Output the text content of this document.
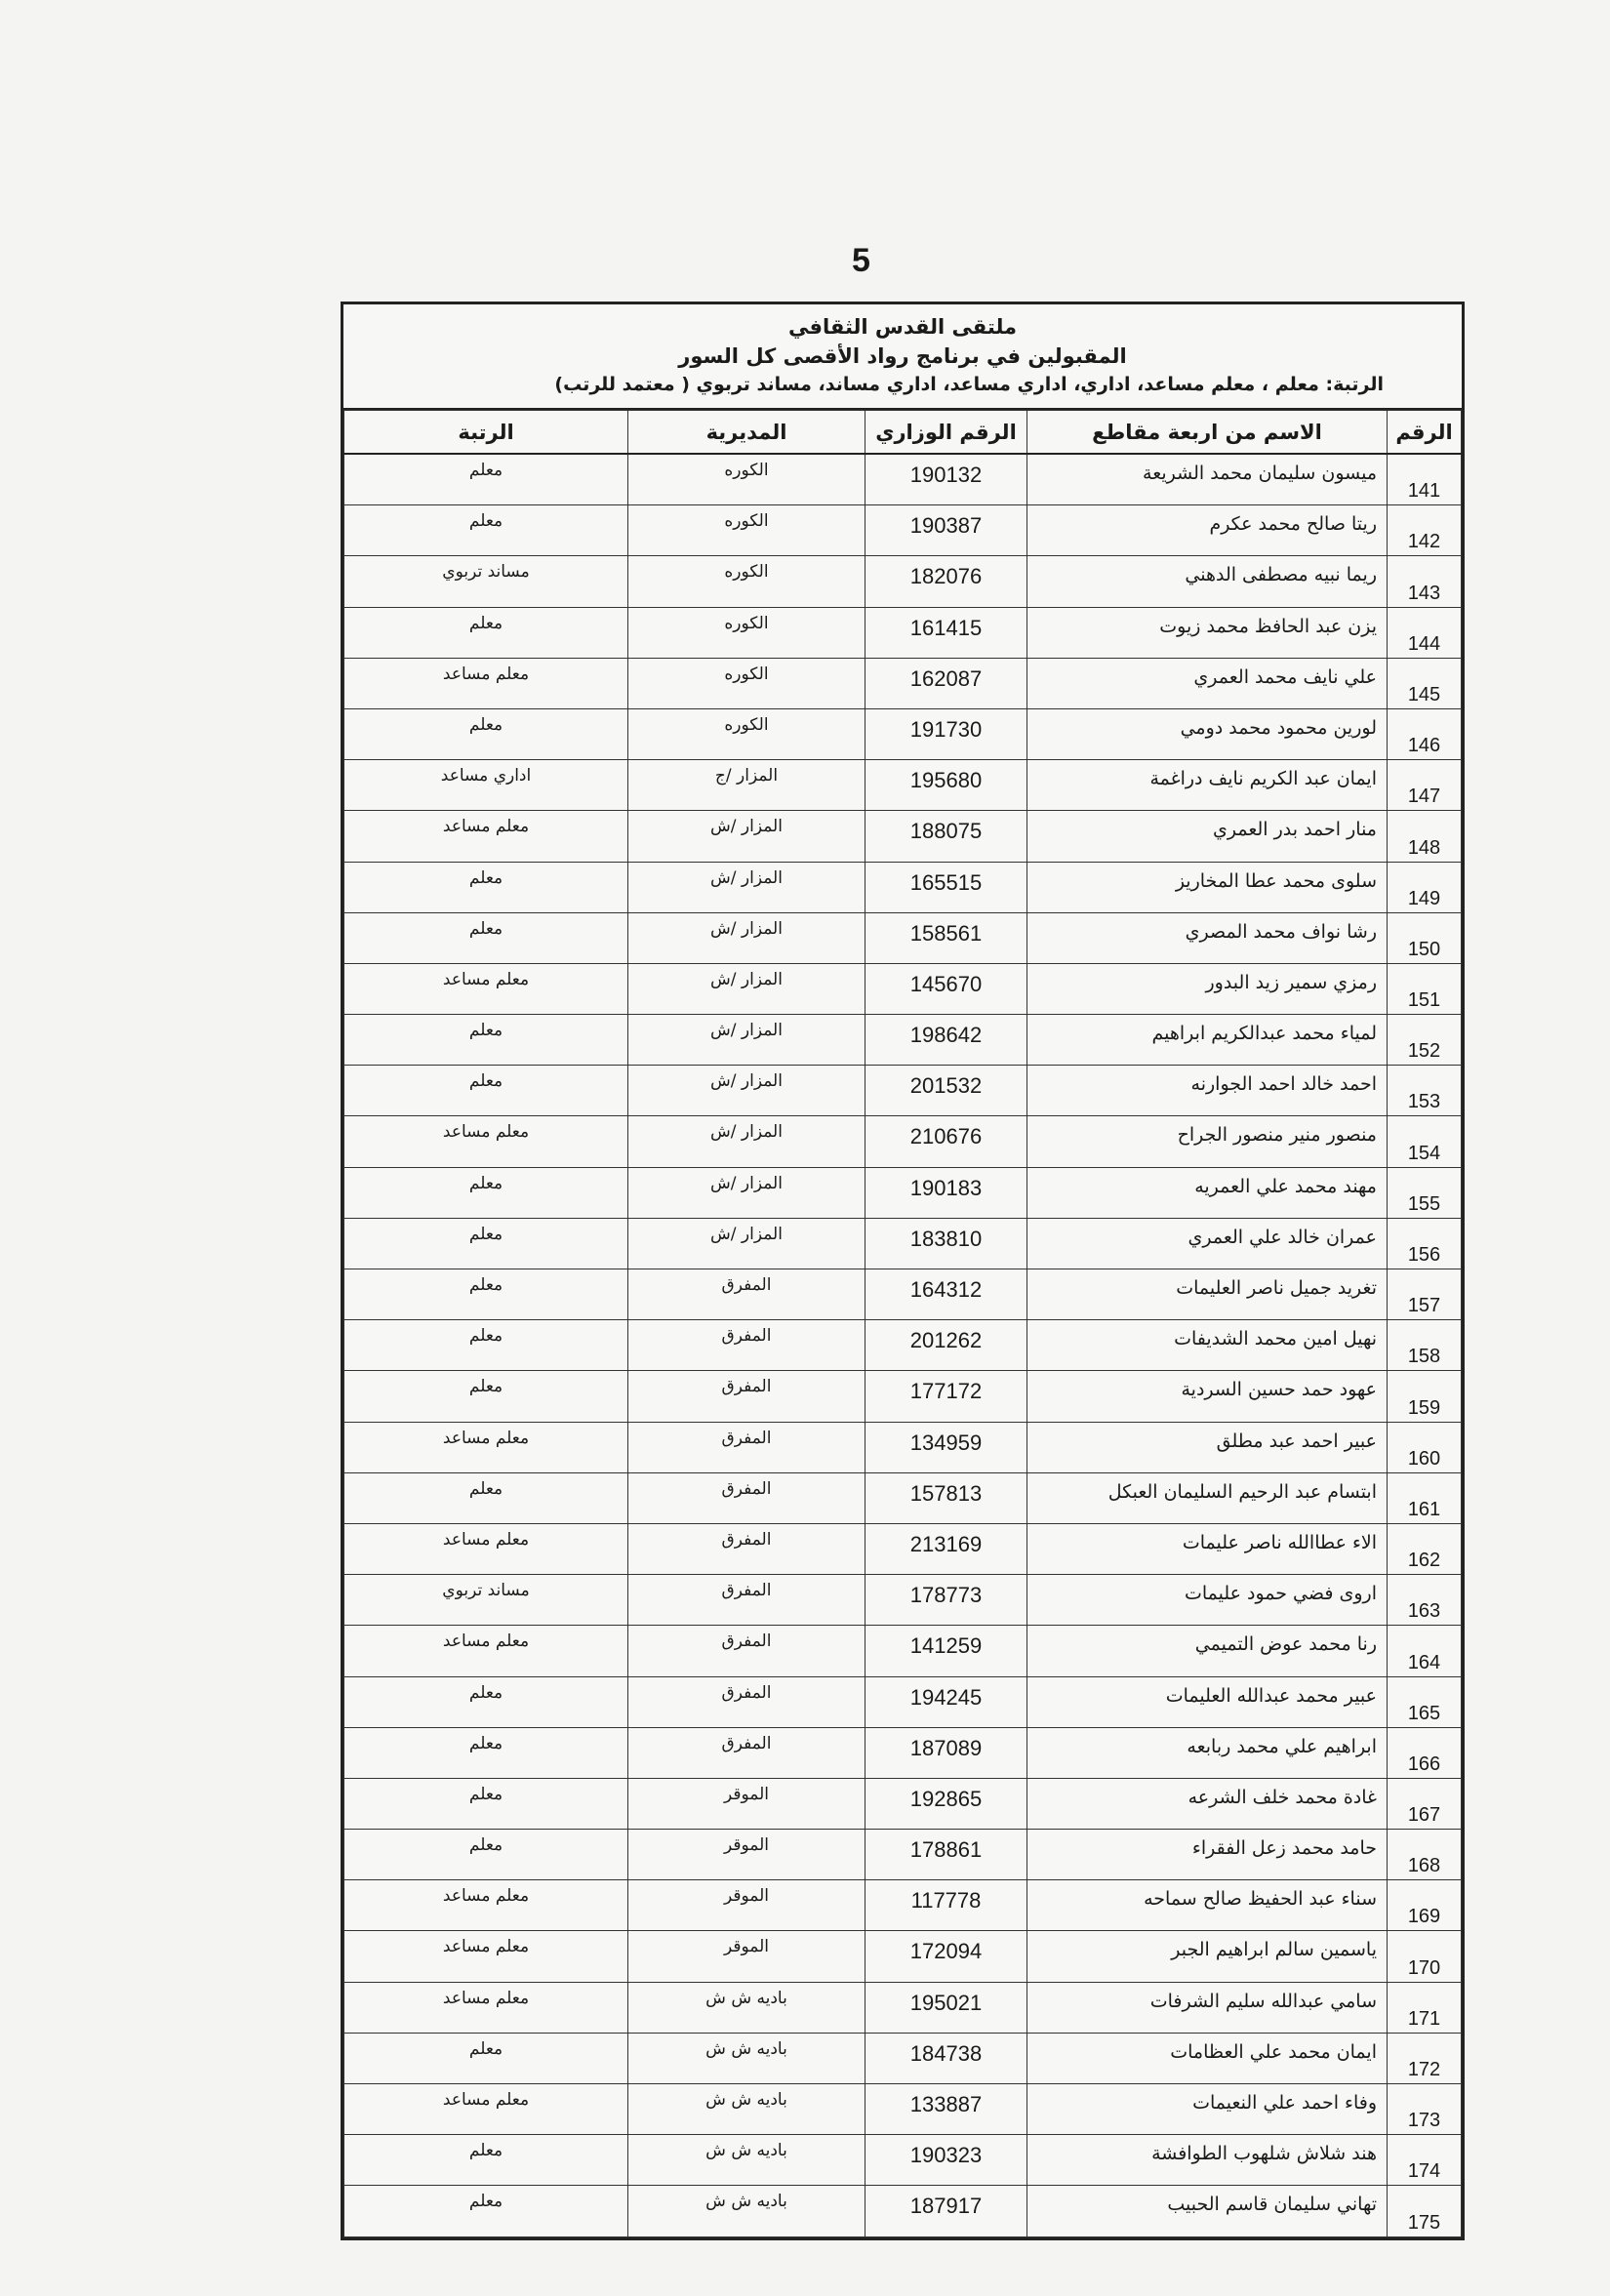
5
ملتقى القدس الثقافي
المقبولين في برنامج رواد الأقصى كل السور
الرتبة: معلم ، معلم مساعد، اداري، اداري مساعد، اداري مساند، مساند تربوي ( معتمد للرتب)
الرقم	الاسم من اربعة مقاطع	الرقم الوزاري	المديرية	الرتبة
141	ميسون سليمان محمد الشريعة	190132	الكوره	معلم
142	ريتا صالح محمد عكرم	190387	الكوره	معلم
143	ريما نبيه مصطفى الدهني	182076	الكوره	مساند تربوي
144	يزن عبد الحافظ محمد زيوت	161415	الكوره	معلم
145	علي نايف محمد العمري	162087	الكوره	معلم مساعد
146	لورين محمود محمد دومي	191730	الكوره	معلم
147	ايمان عبد الكريم نايف دراغمة	195680	المزار /ج	اداري مساعد
148	منار احمد بدر العمري	188075	المزار /ش	معلم مساعد
149	سلوى محمد عطا المخاريز	165515	المزار /ش	معلم
150	رشا نواف محمد المصري	158561	المزار /ش	معلم
151	رمزي سمير زيد البدور	145670	المزار /ش	معلم مساعد
152	لمياء محمد عبدالكريم ابراهيم	198642	المزار /ش	معلم
153	احمد خالد احمد الجوارنه	201532	المزار /ش	معلم
154	منصور منير منصور الجراح	210676	المزار /ش	معلم مساعد
155	مهند محمد علي العمريه	190183	المزار /ش	معلم
156	عمران خالد علي العمري	183810	المزار /ش	معلم
157	تغريد جميل ناصر العليمات	164312	المفرق	معلم
158	نهيل امين محمد الشديفات	201262	المفرق	معلم
159	عهود حمد حسين السردية	177172	المفرق	معلم
160	عبير احمد عبد مطلق	134959	المفرق	معلم مساعد
161	ابتسام عبد الرحيم السليمان العبكل	157813	المفرق	معلم
162	الاء عطاالله ناصر عليمات	213169	المفرق	معلم مساعد
163	اروى فضي حمود عليمات	178773	المفرق	مساند تربوي
164	رنا محمد عوض التميمي	141259	المفرق	معلم مساعد
165	عبير محمد عبدالله العليمات	194245	المفرق	معلم
166	ابراهيم علي محمد ربابعه	187089	المفرق	معلم
167	غادة محمد خلف الشرعه	192865	الموقر	معلم
168	حامد محمد زعل الفقراء	178861	الموقر	معلم
169	سناء عبد الحفيظ صالح سماحه	117778	الموقر	معلم مساعد
170	ياسمين سالم ابراهيم الجبر	172094	الموقر	معلم مساعد
171	سامي عبدالله سليم الشرفات	195021	باديه ش ش	معلم مساعد
172	ايمان محمد علي العظامات	184738	باديه ش ش	معلم
173	وفاء احمد علي النعيمات	133887	باديه ش ش	معلم مساعد
174	هند شلاش شلهوب الطوافشة	190323	باديه ش ش	معلم
175	تهاني سليمان قاسم الحبيب	187917	باديه ش ش	معلم
